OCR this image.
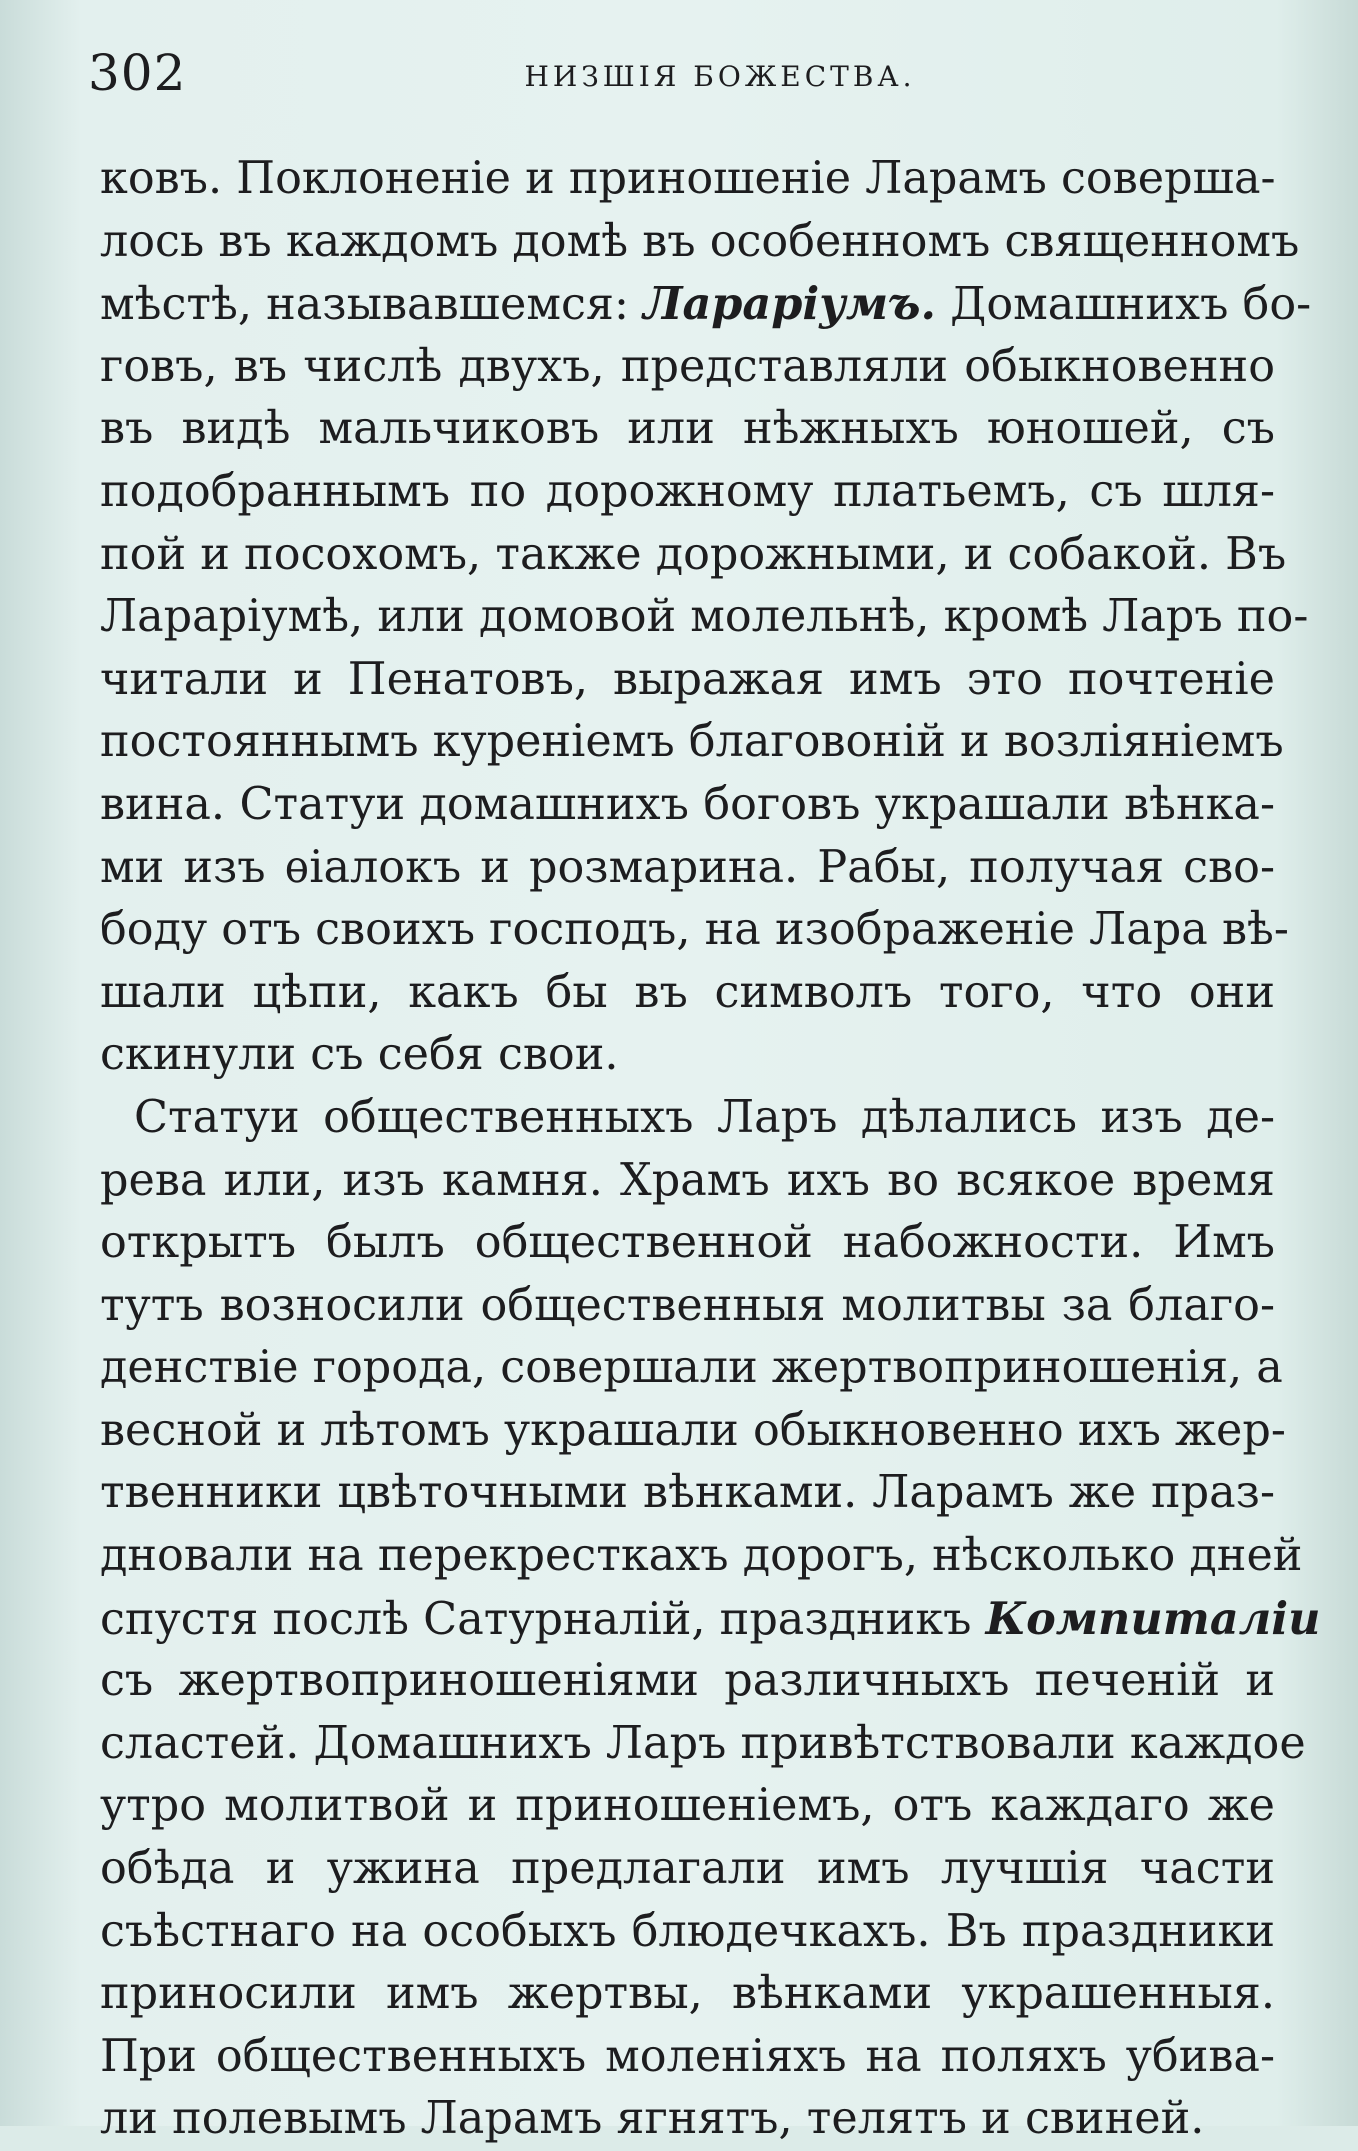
302	НИЗШІЯ БОЖЕСТВА.
ковъ. Поклоненіе и приношеніе Ларамъ соверша-
лось въ каждомъ домѣ въ особенномъ священномъ
мѣстѣ, называвшемся: Ларарiумъ. Домашнихъ бо-
говъ, въ числѣ двухъ, представляли обыкновенно
въ видѣ мальчиковъ или нѣжныхъ юношей, съ
подобраннымъ по дорожному платьемъ, съ шля-
пой и посохомъ, также дорожными, и собакой. Въ
Ларарiумѣ, или домовой молельнѣ, кромѣ Ларъ по-
читали и Пенатовъ, выражая имъ это почтеніе
постояннымъ куреніемъ благовоній и возліяніемъ
вина. Статуи домашнихъ боговъ украшали вѣнка-
ми изъ ѳіалокъ и розмарина. Рабы, получая сво-
боду отъ своихъ господъ, на изображеніе Лара вѣ-
шали цѣпи, какъ бы въ символъ того, что они
скинули съ себя свои.
Статуи общественныхъ Ларъ дѣлались изъ де-
рева или, изъ камня. Храмъ ихъ во всякое время
открытъ былъ общественной набожности. Имъ
тутъ возносили общественныя молитвы за благо-
денствіе города, совершали жертвоприношенія, а
весной и лѣтомъ украшали обыкновенно ихъ жер-
твенники цвѣточными вѣнками. Ларамъ же праз-
дновали на перекресткахъ дорогъ, нѣсколько дней
спустя послѣ Сатурналій, праздникъ Компиталiи
съ жертвоприношеніями различныхъ печеній и
сластей. Домашнихъ Ларъ привѣтствовали каждое
утро молитвой и приношеніемъ, отъ каждаго же
обѣда и ужина предлагали имъ лучшія части
съѣстнаго на особыхъ блюдечкахъ. Въ праздники
приносили имъ жертвы, вѣнками украшенныя.
При общественныхъ моленіяхъ на поляхъ убива-
ли полевымъ Ларамъ ягнятъ, телятъ и свиней.
